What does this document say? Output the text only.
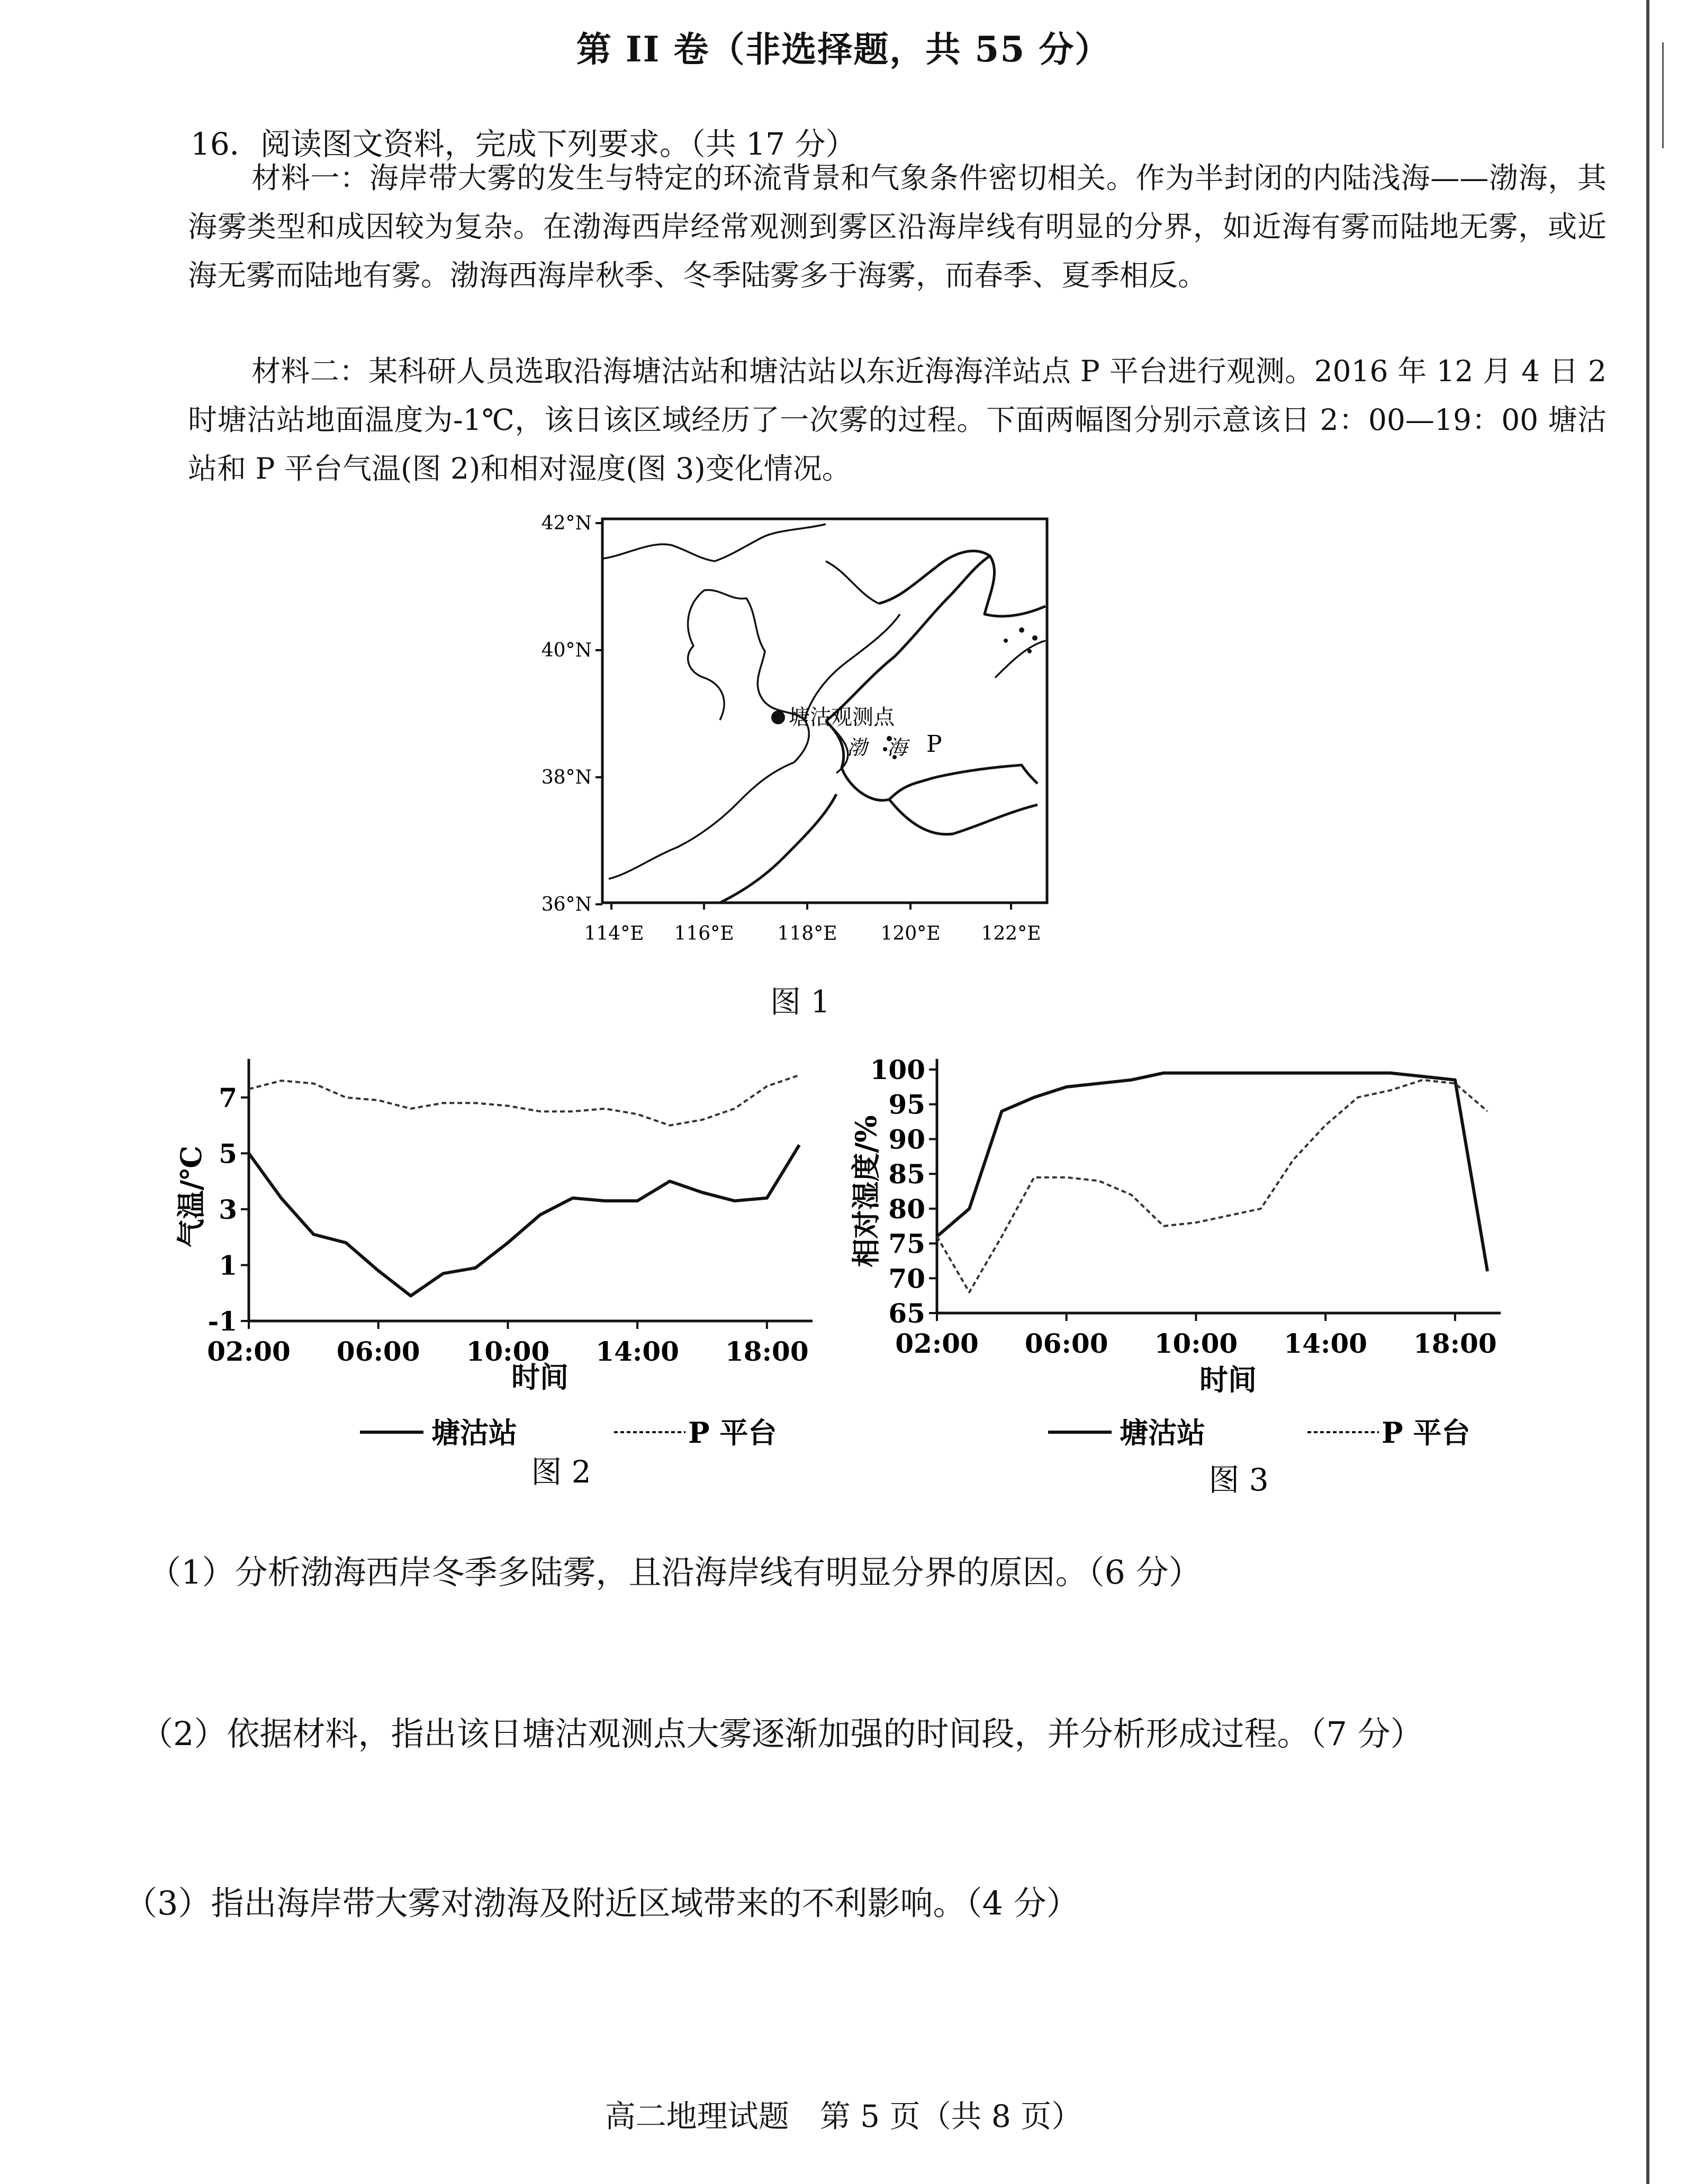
第 II 卷（非选择题，共 55 分）
16．阅读图文资料，完成下列要求。（共 17 分）
材料一：海岸带大雾的发生与特定的环流背景和气象条件密切相关。作为半封闭的内陆浅海——渤海，其海雾类型和成因较为复杂。在渤海西岸经常观测到雾区沿海岸线有明显的分界，如近海有雾而陆地无雾，或近海无雾而陆地有雾。渤海西海岸秋季、冬季陆雾多于海雾，而春季、夏季相反。
材料二：某科研人员选取沿海塘沽站和塘沽站以东近海海洋站点 P 平台进行观测。2016 年 12 月 4 日 2 时塘沽站地面温度为-1℃，该日该区域经历了一次雾的过程。下面两幅图分别示意该日 2：00—19：00 塘沽站和 P 平台气温(图 2)和相对湿度(图 3)变化情况。
42°N
40°N
38°N
36°N
114°E 116°E 118°E 120°E 122°E
塘沽观测点
渤　海 P
图 1
02:00 06:00 10:00 14:00 18:00
-1
1
3
5
7
气温/℃
时间
塘沽站	P 平台
图 2
02:00 06:00 10:00 14:00 18:00
65
70
75
80
85
90
95
100
相对湿度/%
时间
塘沽站	P 平台
图 3
（1）分析渤海西岸冬季多陆雾，且沿海岸线有明显分界的原因。（6 分）
（2）依据材料，指出该日塘沽观测点大雾逐渐加强的时间段，并分析形成过程。（7 分）
（3）指出海岸带大雾对渤海及附近区域带来的不利影响。（4 分）
高二地理试题　第 5 页（共 8 页）
